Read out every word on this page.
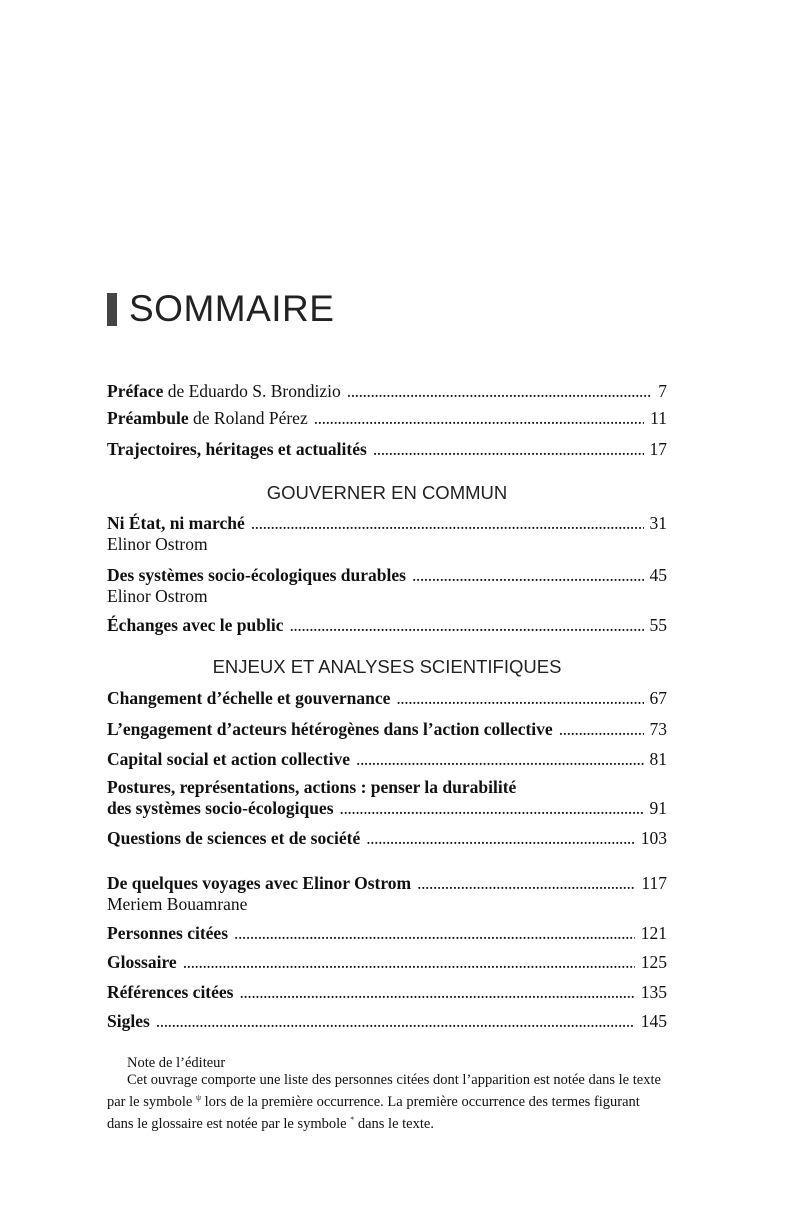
SOMMAIRE
Préface de Eduardo S. Brondizio . . .	7
Préambule de Roland Pérez . . .	11
Trajectoires, héritages et actualités . . .	17
GOUVERNER EN COMMUN
Ni État, ni marché . . .	31
Elinor Ostrom
Des systèmes socio-écologiques durables . . .	45
Elinor Ostrom
Échanges avec le public . . .	55
ENJEUX ET ANALYSES SCIENTIFIQUES
Changement d’échelle et gouvernance . . .	67
L’engagement d’acteurs hétérogènes dans l’action collective . . .	73
Capital social et action collective . . .	81
Postures, représentations, actions : penser la durabilité
des systèmes socio-écologiques . . .	91
Questions de sciences et de société . . .	103
De quelques voyages avec Elinor Ostrom . . .	117
Meriem Bouamrane
Personnes citées . . .	121
Glossaire . . .	125
Références citées . . .	135
Sigles . . .	145

Note de l’éditeur

Cet ouvrage comporte une liste des personnes citées dont l’apparition est notée dans le texte par le symbole $^\psi$ lors de la première occurrence. La première occurrence des termes figurant dans le glossaire est notée par le symbole * dans le texte.
